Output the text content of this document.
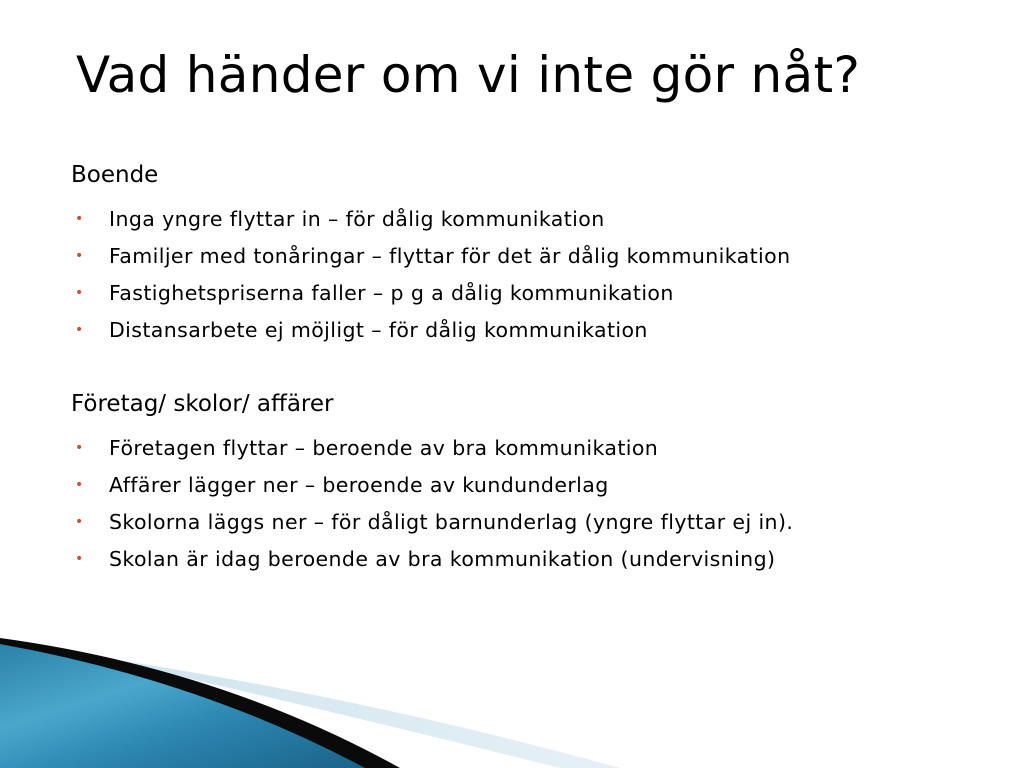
Vad händer om vi inte gör nåt?
Boende
• Inga yngre flyttar in – för dålig kommunikation
• Familjer med tonåringar – flyttar för det är dålig kommunikation
• Fastighetspriserna faller – p g a dålig kommunikation
• Distansarbete ej möjligt – för dålig kommunikation
Företag/ skolor/ affärer
• Företagen flyttar – beroende av bra kommunikation
• Affärer lägger ner – beroende av kundunderlag
• Skolorna läggs ner – för dåligt barnunderlag (yngre flyttar ej in).
• Skolan är idag beroende av bra kommunikation (undervisning)
